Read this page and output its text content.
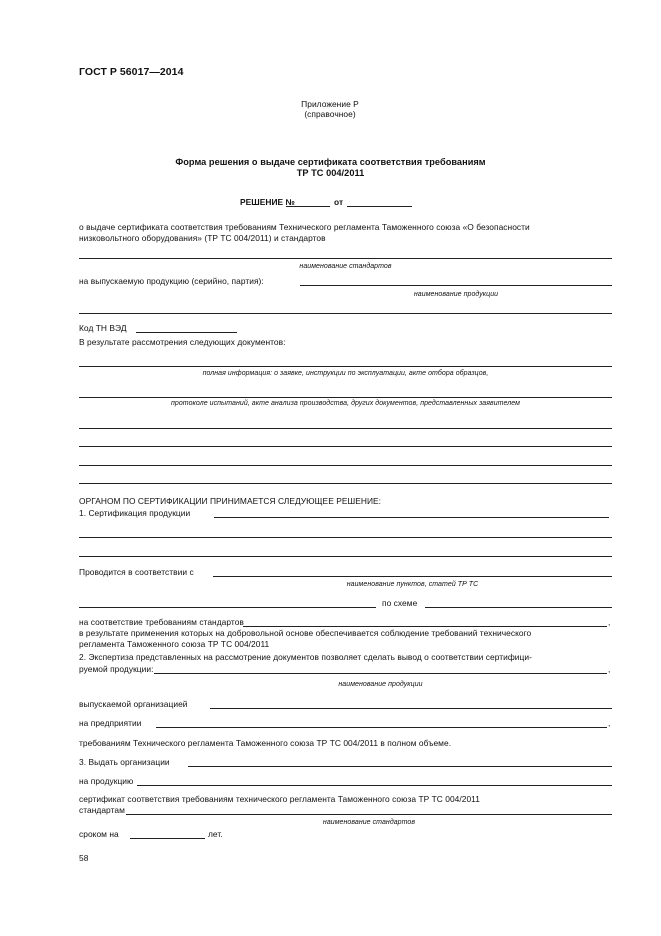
ГОСТ Р 56017—2014
Приложение Р
(справочное)
Форма решения о выдаче сертификата соответствия требованиям
ТР ТС 004/2011
РЕШЕНИЕ №	от
о выдаче сертификата соответствия требованиям Технического регламента Таможенного союза «О безопасности
низковольтного оборудования» (ТР ТС 004/2011) и стандартов
наименование стандартов
на выпускаемую продукцию (серийно, партия):
наименование продукции
Код ТН ВЭД
В результате рассмотрения следующих документов:
полная информация: о заявке, инструкции по эксплуатации, акте отбора образцов,
протоколе испытаний, акте анализа производства, других документов, представленных заявителем
ОРГАНОМ ПО СЕРТИФИКАЦИИ ПРИНИМАЕТСЯ СЛЕДУЮЩЕЕ РЕШЕНИЕ:
1. Сертификация продукции
Проводится в соответствии с
наименование пунктов, статей ТР ТС
по схеме
на соответствие требованиям стандартов	,
в результате применения которых на добровольной основе обеспечивается соблюдение требований технического
регламента Таможенного союза ТР ТС 004/2011
2. Экспертиза представленных на рассмотрение документов позволяет сделать вывод о соответствии сертифици-
руемой продукции:	,
наименование продукции
выпускаемой организацией
на предприятии	,
требованиям Технического регламента Таможенного союза ТР ТС 004/2011 в полном объеме.
3. Выдать организации
на продукцию
сертификат соответствия требованиям технического регламента Таможенного союза ТР ТС 004/2011
стандартам
наименование стандартов
сроком на	лет.
58
